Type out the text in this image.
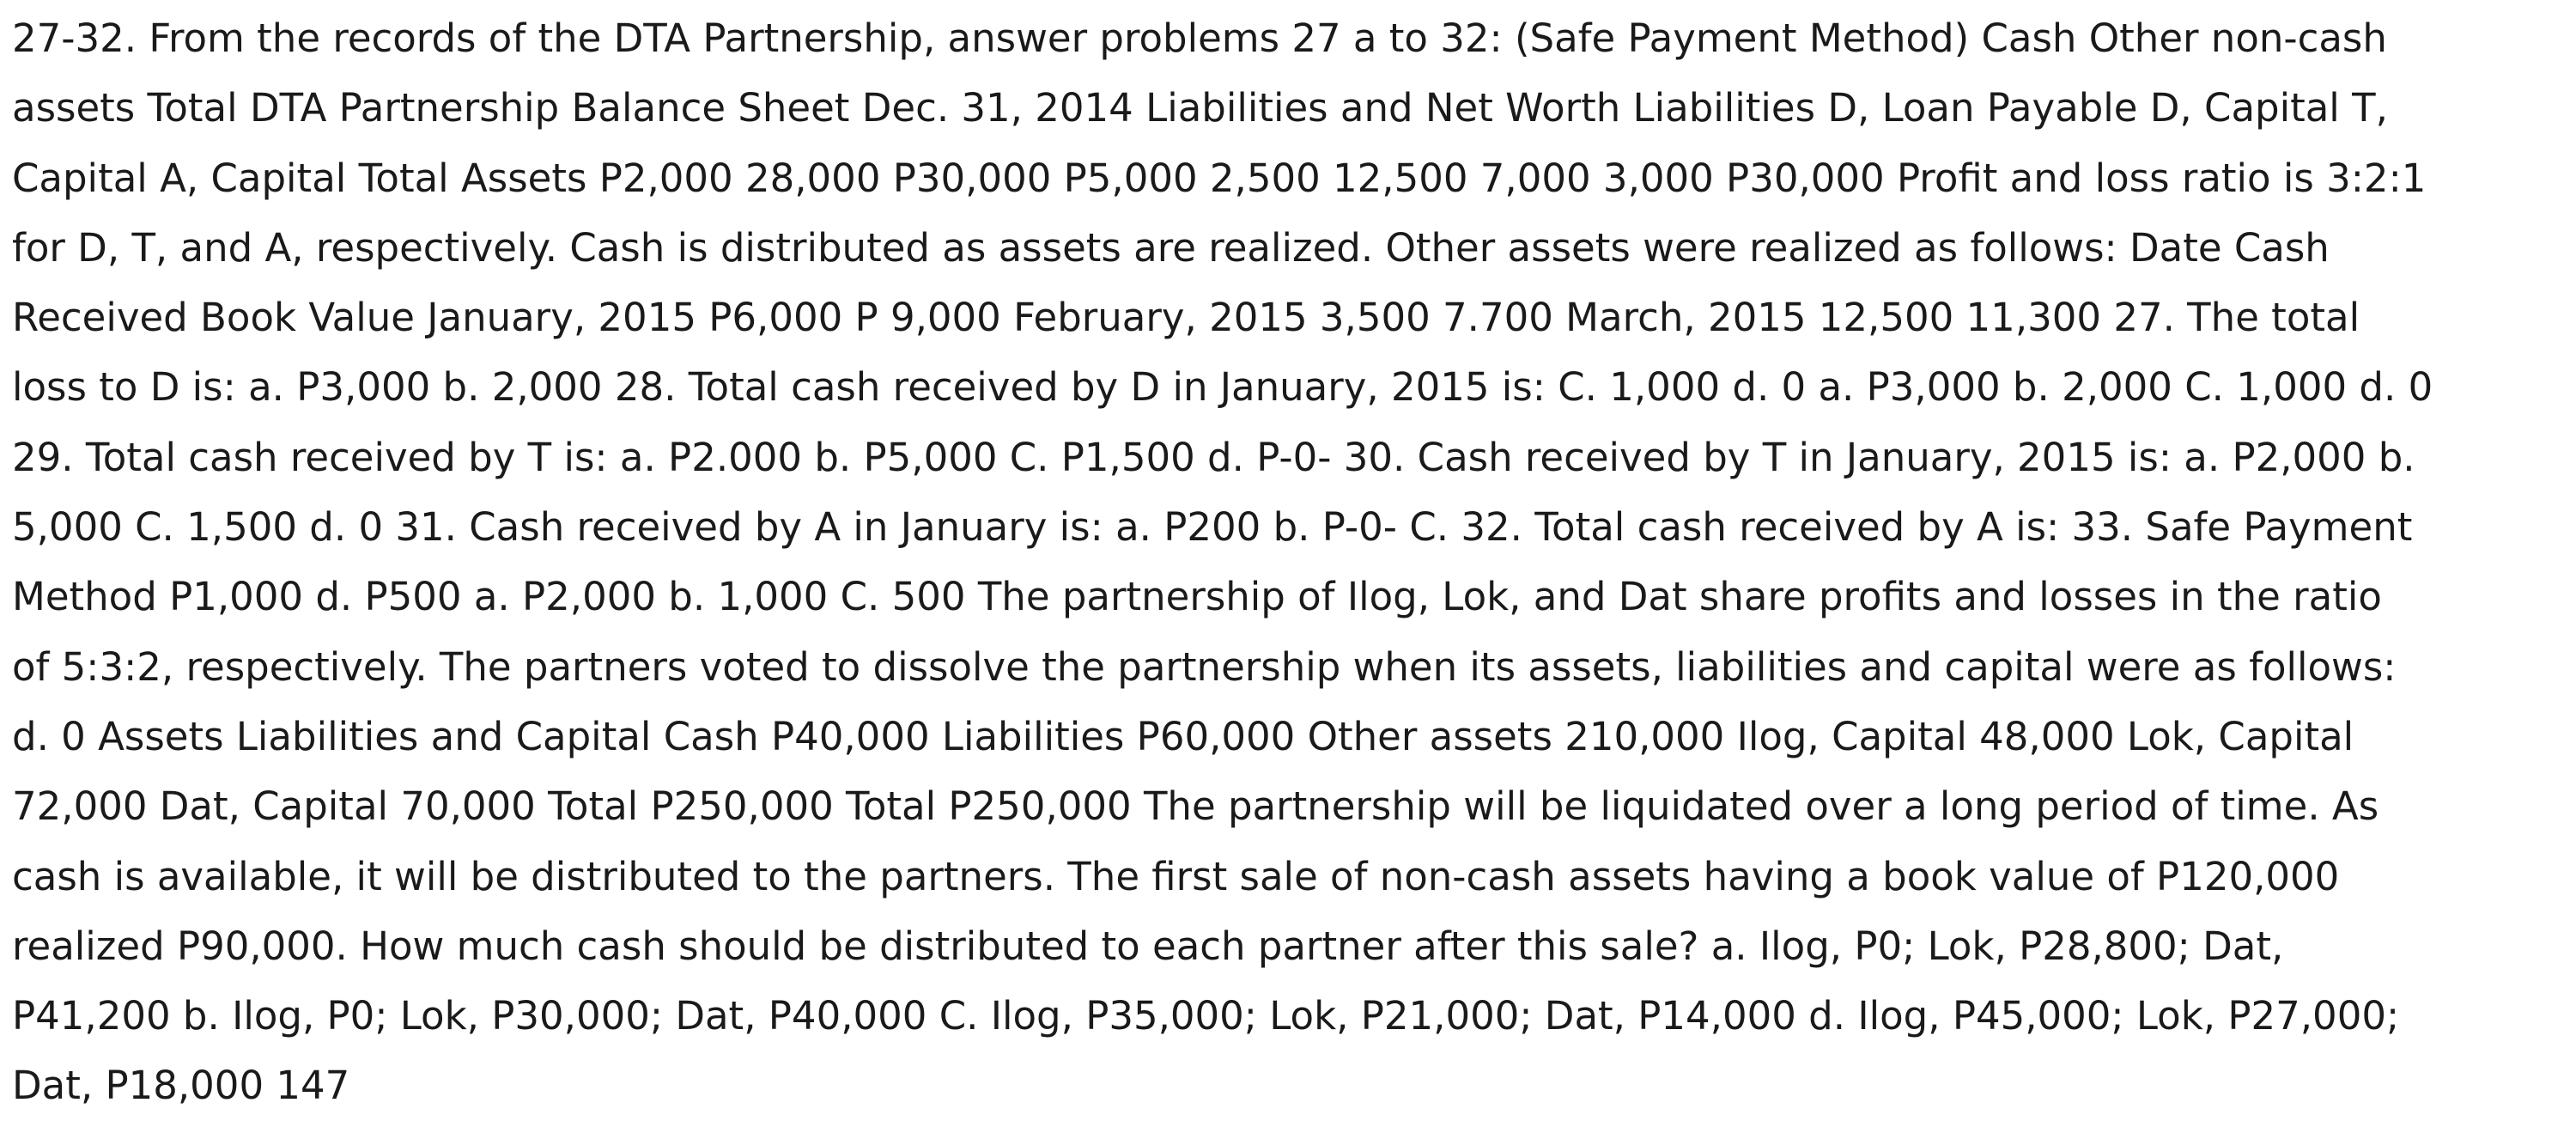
27-32. From the records of the DTA Partnership, answer problems 27 a to 32: (Safe Payment Method) Cash Other non-cash

assets Total DTA Partnership Balance Sheet Dec. 31, 2014 Liabilities and Net Worth Liabilities D, Loan Payable D, Capital T,

Capital A, Capital Total Assets P2,000 28,000 P30,000 P5,000 2,500 12,500 7,000 3,000 P30,000 Profit and loss ratio is 3:2:1

for D, T, and A, respectively. Cash is distributed as assets are realized. Other assets were realized as follows: Date Cash

Received Book Value January, 2015 P6,000 P 9,000 February, 2015 3,500 7.700 March, 2015 12,500 11,300 27. The total

loss to D is: a. P3,000 b. 2,000 28. Total cash received by D in January, 2015 is: C. 1,000 d. 0 a. P3,000 b. 2,000 C. 1,000 d. 0

29. Total cash received by T is: a. P2.000 b. P5,000 C. P1,500 d. P-0- 30. Cash received by T in January, 2015 is: a. P2,000 b.

5,000 C. 1,500 d. 0 31. Cash received by A in January is: a. P200 b. P-0- C. 32. Total cash received by A is: 33. Safe Payment

Method P1,000 d. P500 a. P2,000 b. 1,000 C. 500 The partnership of Ilog, Lok, and Dat share profits and losses in the ratio

of 5:3:2, respectively. The partners voted to dissolve the partnership when its assets, liabilities and capital were as follows:

d. 0 Assets Liabilities and Capital Cash P40,000 Liabilities P60,000 Other assets 210,000 Ilog, Capital 48,000 Lok, Capital

72,000 Dat, Capital 70,000 Total P250,000 Total P250,000 The partnership will be liquidated over a long period of time. As

cash is available, it will be distributed to the partners. The first sale of non-cash assets having a book value of P120,000

realized P90,000. How much cash should be distributed to each partner after this sale? a. Ilog, P0; Lok, P28,800; Dat,

P41,200 b. Ilog, P0; Lok, P30,000; Dat, P40,000 C. Ilog, P35,000; Lok, P21,000; Dat, P14,000 d. Ilog, P45,000; Lok, P27,000;

Dat, P18,000 147
